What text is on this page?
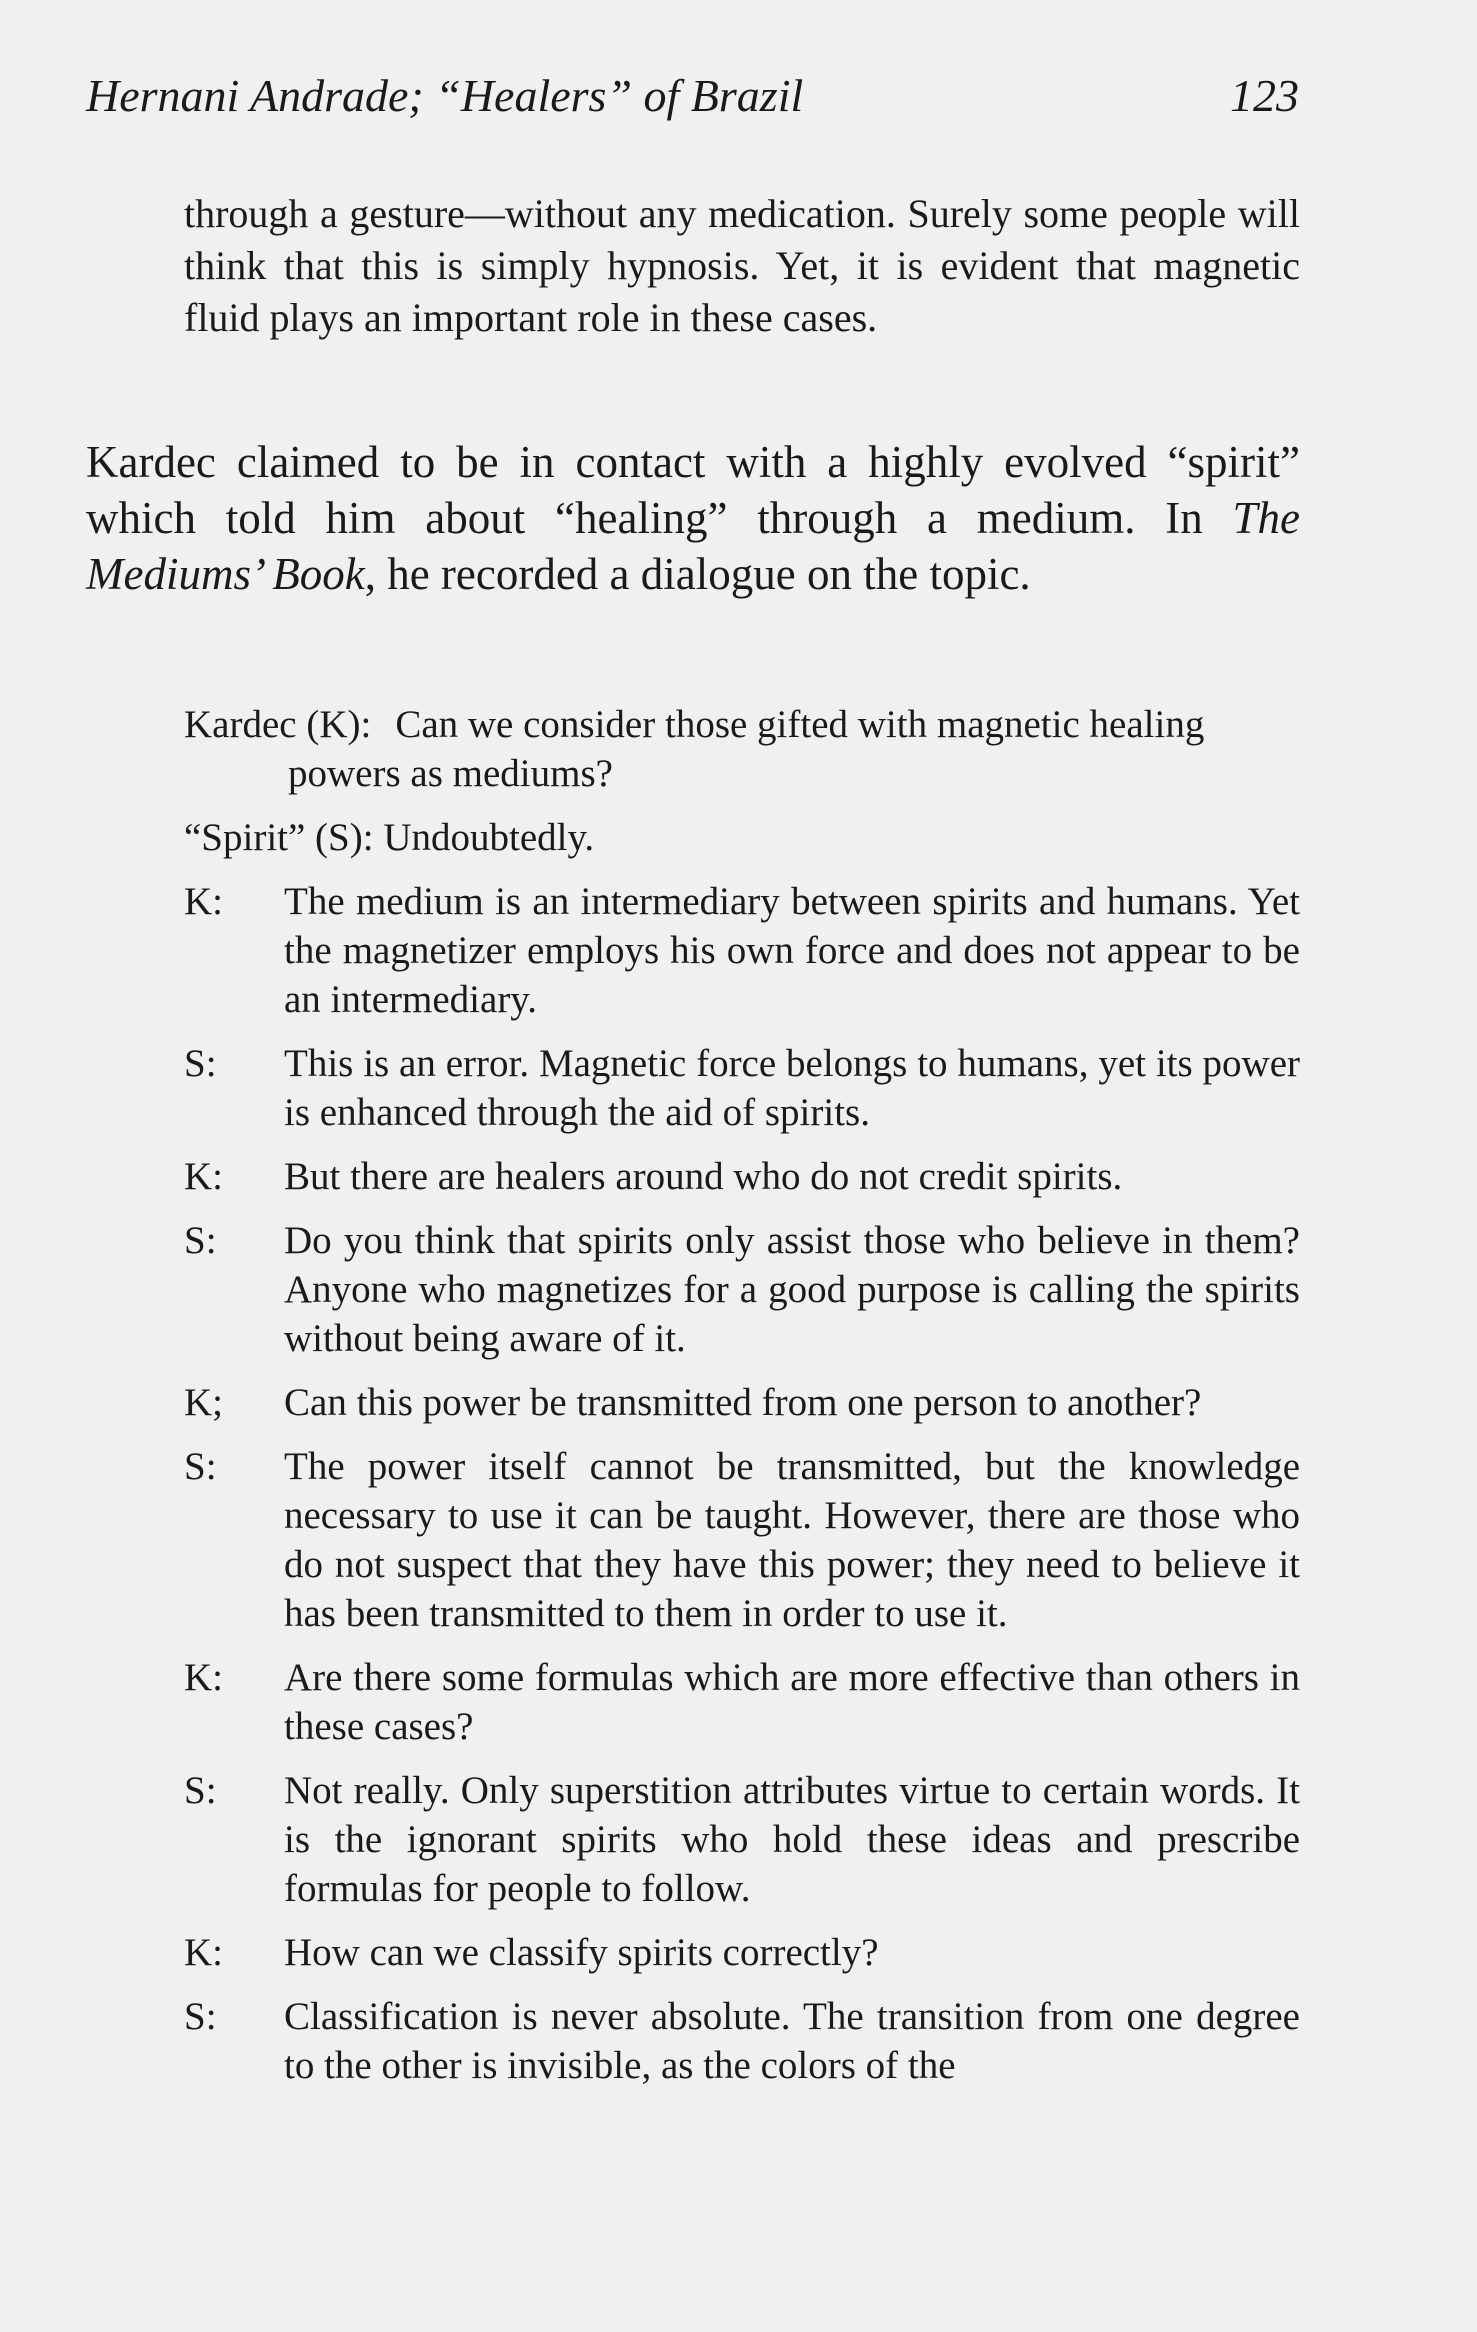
Hernani Andrade; “Healers” of Brazil	123

through a gesture—without any medication. Surely some people will think that this is simply hypnosis. Yet, it is evident that magnetic fluid plays an important role in these cases.

Kardec claimed to be in contact with a highly evolved “spirit” which told him about “healing” through a medium. In The Mediums’ Book, he recorded a dialogue on the topic.

Kardec (K): Can we consider those gifted with magnetic healing powers as mediums?
“Spirit” (S): Undoubtedly.
K:	The medium is an intermediary between spirits and humans. Yet the magnetizer employs his own force and does not appear to be an intermediary.
S:	This is an error. Magnetic force belongs to humans, yet its power is enhanced through the aid of spirits.
K:	But there are healers around who do not credit spirits.
S:	Do you think that spirits only assist those who believe in them? Anyone who magnetizes for a good purpose is calling the spirits without being aware of it.
K;	Can this power be transmitted from one person to another?
S:	The power itself cannot be transmitted, but the knowledge necessary to use it can be taught. However, there are those who do not suspect that they have this power; they need to believe it has been transmitted to them in order to use it.
K:	Are there some formulas which are more effective than others in these cases?
S:	Not really. Only superstition attributes virtue to certain words. It is the ignorant spirits who hold these ideas and prescribe formulas for people to follow.
K:	How can we classify spirits correctly?
S:	Classification is never absolute. The transition from one degree to the other is invisible, as the colors of the
